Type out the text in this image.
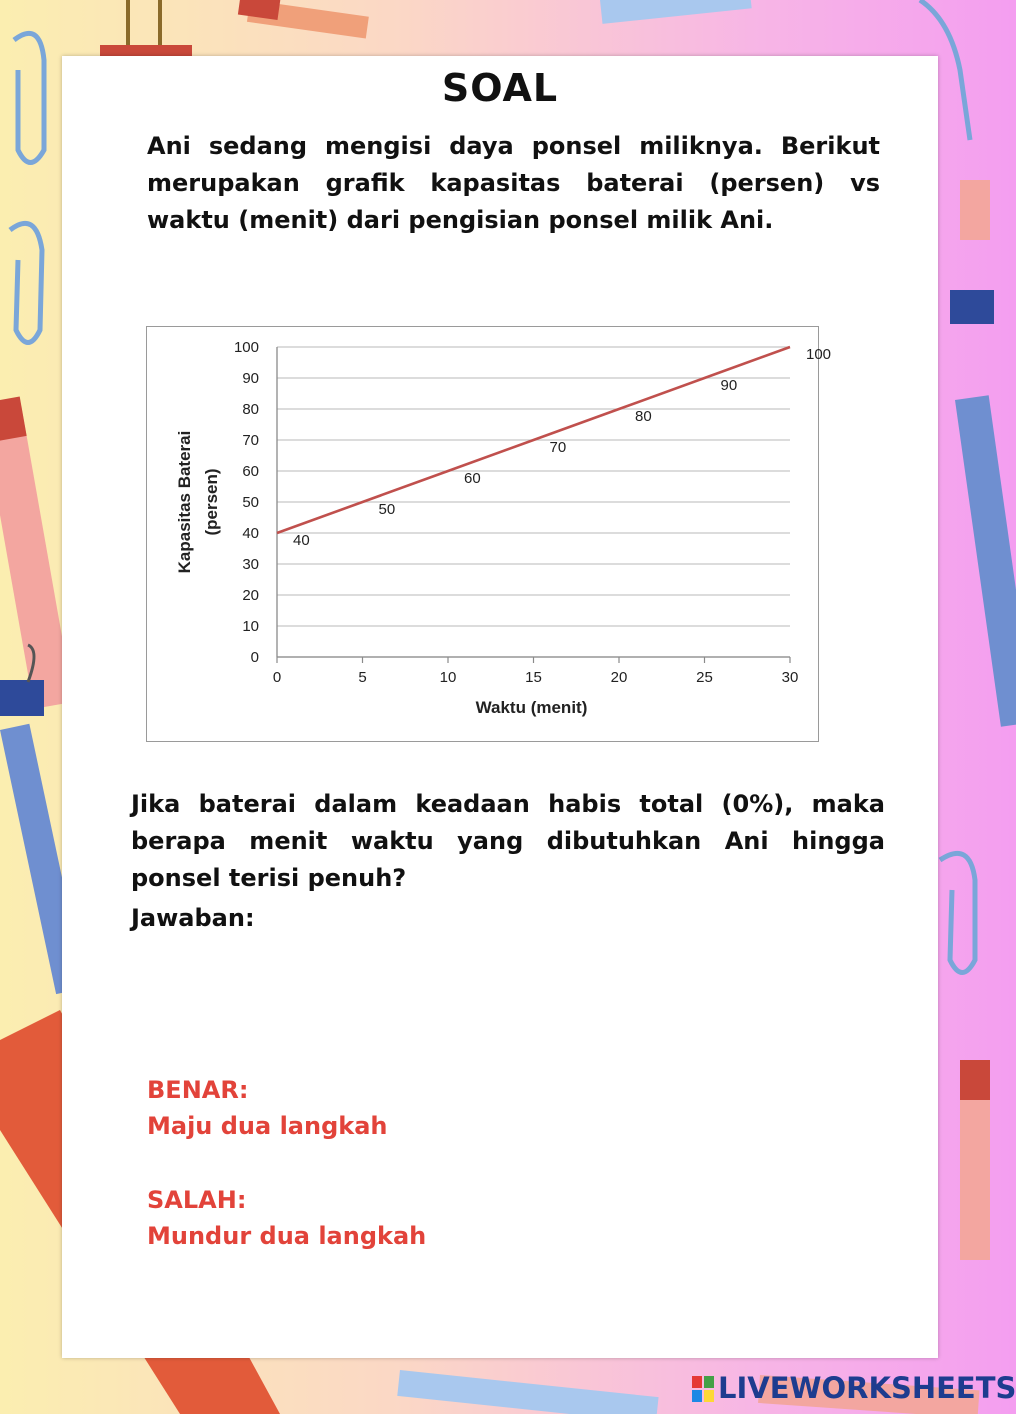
SOAL

Ani sedang mengisi daya ponsel miliknya. Berikut merupakan grafik kapasitas baterai (persen) vs waktu (menit) dari pengisian ponsel milik Ani.

0
10
20
30
40
50
60
70
80
90
100
0	5	10	15	20	25	30
40
50
60
70
80
90
100
Waktu (menit)
Kapasitas Baterai (persen)

Jika baterai dalam keadaan habis total (0%), maka berapa menit waktu yang dibutuhkan Ani hingga ponsel terisi penuh?

Jawaban:

BENAR:

Maju dua langkah

SALAH:

Mundur dua langkah

LIVEWORKSHEETS
